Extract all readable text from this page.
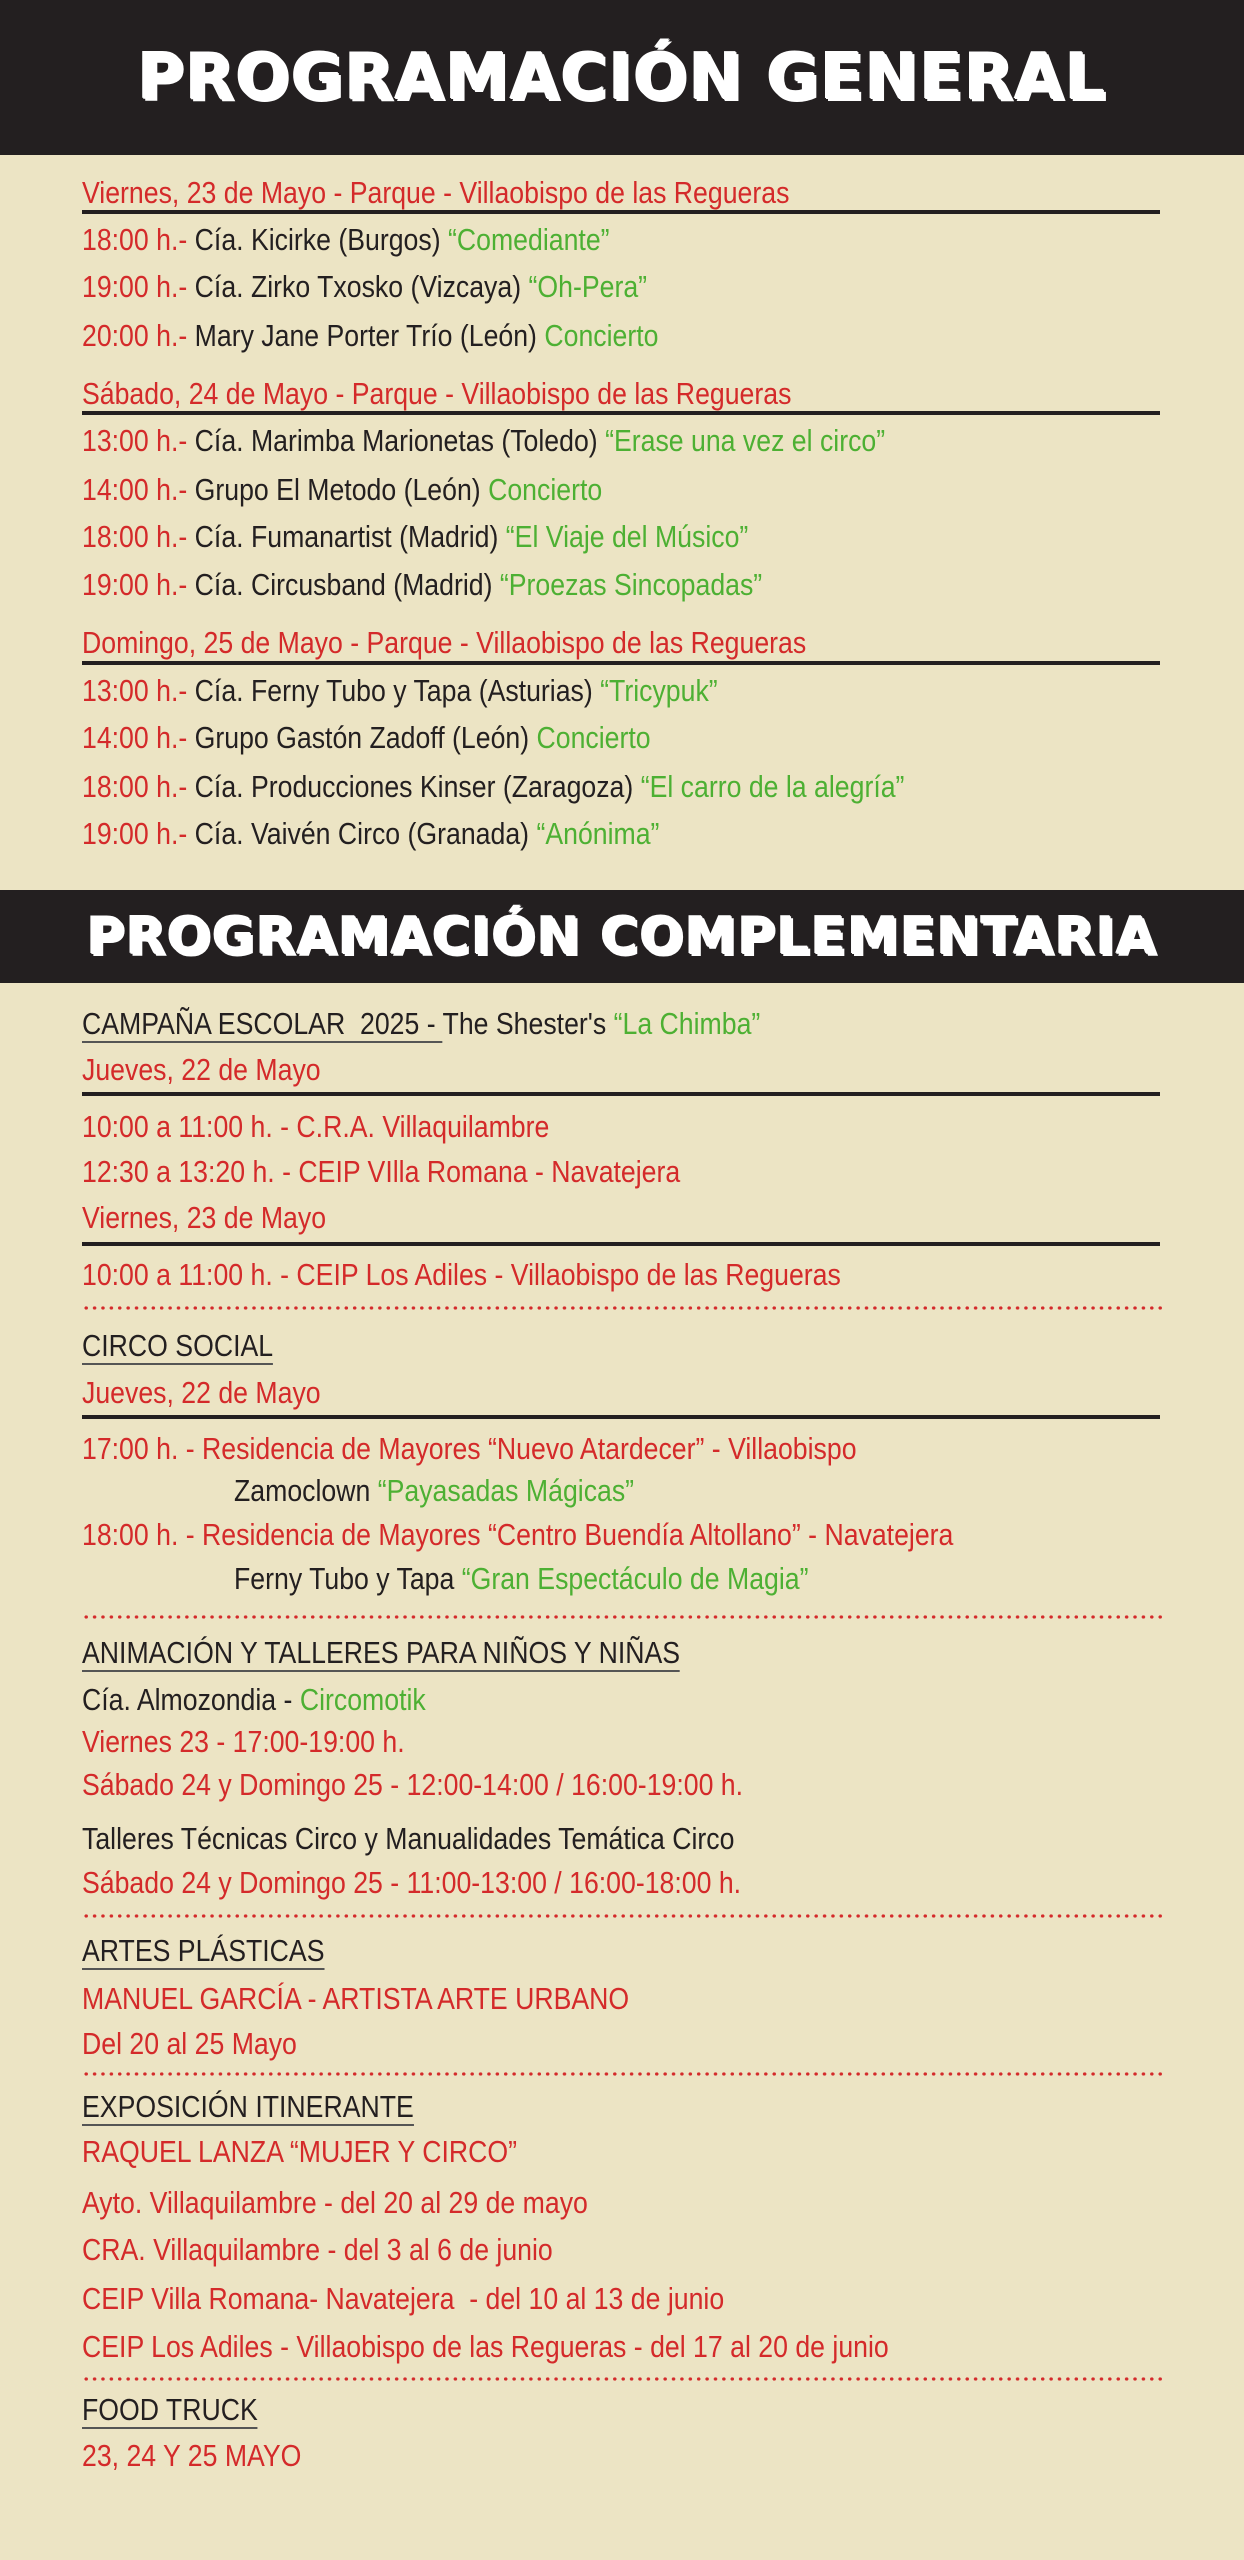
PROGRAMACIÓN GENERAL
PROGRAMACIÓN COMPLEMENTARIA
Viernes, 23 de Mayo - Parque - Villaobispo de las Regueras
18:00 h.- Cía. Kicirke (Burgos) “Comediante”
19:00 h.- Cía. Zirko Txosko (Vizcaya) “Oh-Pera”
20:00 h.- Mary Jane Porter Trío (León) Concierto
Sábado, 24 de Mayo - Parque - Villaobispo de las Regueras
13:00 h.- Cía. Marimba Marionetas (Toledo) “Erase una vez el circo”
14:00 h.- Grupo El Metodo (León) Concierto
18:00 h.- Cía. Fumanartist (Madrid) “El Viaje del Músico”
19:00 h.- Cía. Circusband (Madrid) “Proezas Sincopadas”
Domingo, 25 de Mayo - Parque - Villaobispo de las Regueras
13:00 h.- Cía. Ferny Tubo y Tapa (Asturias) “Tricypuk”
14:00 h.- Grupo Gastón Zadoff (León) Concierto
18:00 h.- Cía. Producciones Kinser (Zaragoza) “El carro de la alegría”
19:00 h.- Cía. Vaivén Circo (Granada) “Anónima”
CAMPAÑA ESCOLAR  2025 - The Shester's “La Chimba”
Jueves, 22 de Mayo
10:00 a 11:00 h. - C.R.A. Villaquilambre
12:30 a 13:20 h. - CEIP VIlla Romana - Navatejera
Viernes, 23 de Mayo
10:00 a 11:00 h. - CEIP Los Adiles - Villaobispo de las Regueras
CIRCO SOCIAL
Jueves, 22 de Mayo
17:00 h. - Residencia de Mayores “Nuevo Atardecer” - Villaobispo
Zamoclown “Payasadas Mágicas”
18:00 h. - Residencia de Mayores “Centro Buendía Altollano” - Navatejera
Ferny Tubo y Tapa “Gran Espectáculo de Magia”
ANIMACIÓN Y TALLERES PARA NIÑOS Y NIÑAS
Cía. Almozondia - Circomotik
Viernes 23 - 17:00-19:00 h.
Sábado 24 y Domingo 25 - 12:00-14:00 / 16:00-19:00 h.
Talleres Técnicas Circo y Manualidades Temática Circo
Sábado 24 y Domingo 25 - 11:00-13:00 / 16:00-18:00 h.
ARTES PLÁSTICAS
MANUEL GARCÍA - ARTISTA ARTE URBANO
Del 20 al 25 Mayo
EXPOSICIÓN ITINERANTE
RAQUEL LANZA “MUJER Y CIRCO”
Ayto. Villaquilambre - del 20 al 29 de mayo
CRA. Villaquilambre - del 3 al 6 de junio
CEIP Villa Romana- Navatejera  - del 10 al 13 de junio
CEIP Los Adiles - Villaobispo de las Regueras - del 17 al 20 de junio
FOOD TRUCK
23, 24 Y 25 MAYO
